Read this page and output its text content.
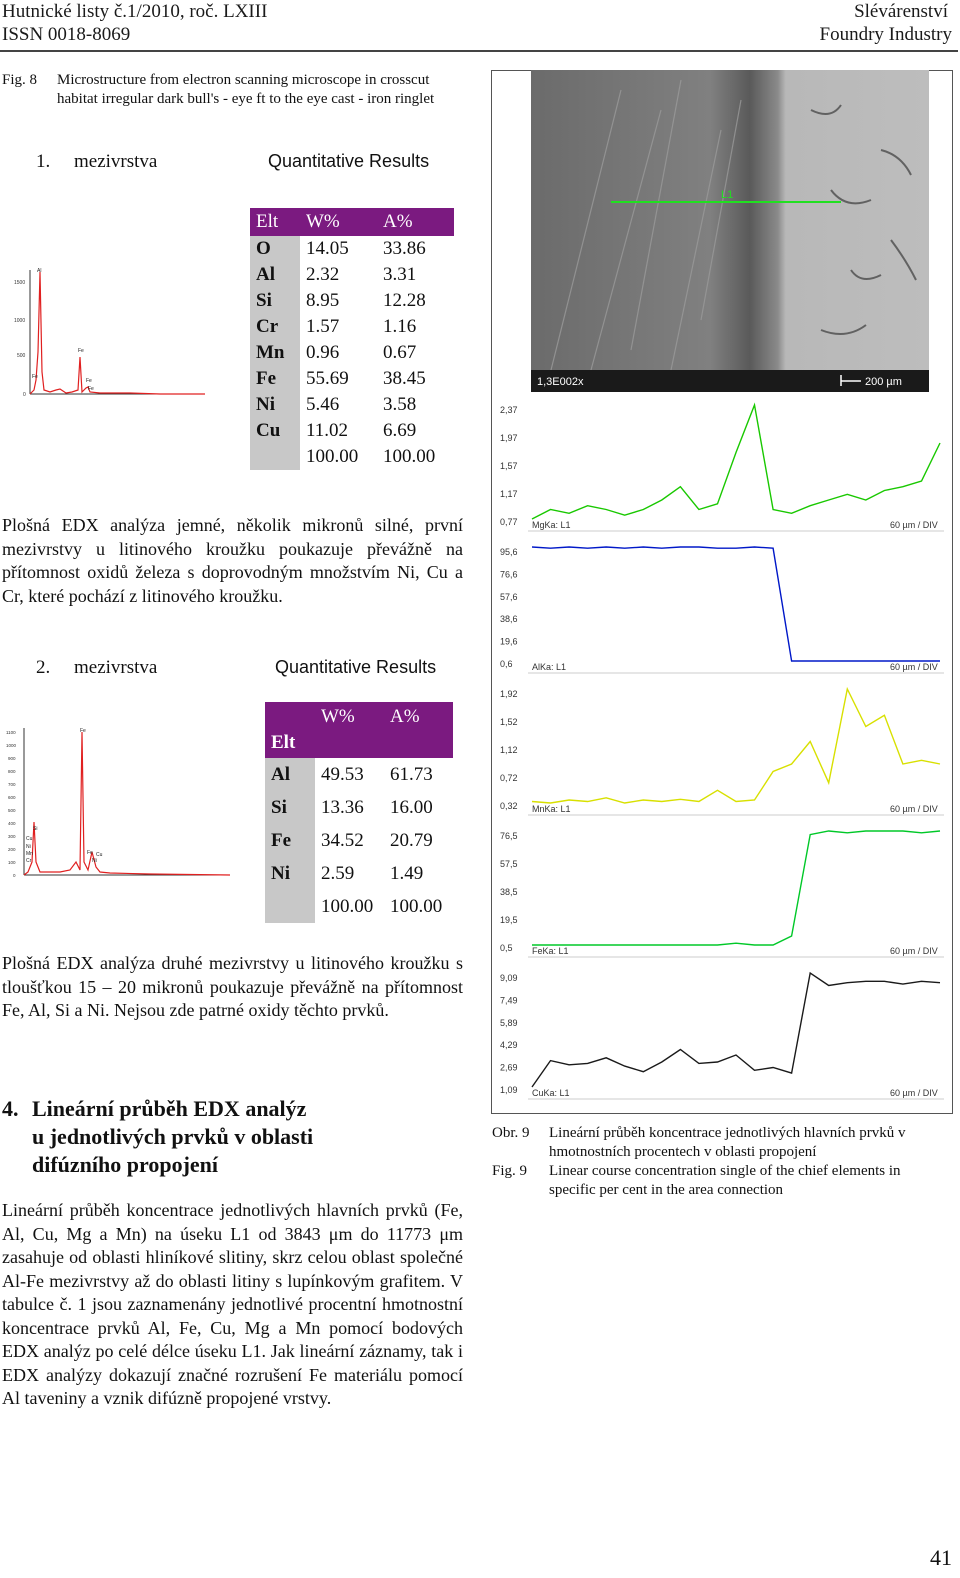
Hutnické listy č.1/2010, roč. LXIII
ISSN 0018-8069
Slévárenství
Foundry Industry
Fig. 8 Microstructure from electron scanning microscope in crosscut habitat irregular dark bull's - eye ft to the eye cast - iron ringlet
1. mezivrstva	Quantitative Results
1500
1000
500
0
Al
Fe
Fe
Fe
Fe
Elt	W%	A%
O	14.05	33.86
Al	2.32	3.31
Si	8.95	12.28
Cr	1.57	1.16
Mn	0.96	0.67
Fe	55.69	38.45
Ni	5.46	3.58
Cu	11.02	6.69
	100.00	100.00
Plošná EDX analýza jemné, několik mikronů silné, první mezivrstvy u litinového kroužku poukazuje převážně na přítomnost oxidů železa s doprovodným množstvím Ni, Cu a Cr, které pochází z litinového kroužku.
2. mezivrstva	Quantitative Results
1100
1000
900
800
700
600
500
400
300
200
100
0
Fe
Si
Cu
Ni
Mn
Cr
Fe
Ni
Cu
Elt	W%	A%
Al	49.53	61.73
Si	13.36	16.00
Fe	34.52	20.79
Ni	2.59	1.49
	100.00	100.00
Plošná EDX analýza druhé mezivrstvy u litinového kroužku s tloušťkou 15 – 20 mikronů poukazuje převážně na přítomnost Fe, Al, Si a Ni. Nejsou zde patrné oxidy těchto prvků.
4. Lineární průběh EDX analýz
u jednotlivých prvků v oblasti
difúzního propojení
Lineární průběh koncentrace jednotlivých hlavních prvků (Fe, Al, Cu, Mg a Mn) na úseku L1 od 3843 μm do 11773 μm zasahuje od oblasti hliníkové slitiny, skrz celou oblast společné Al-Fe mezivrstvy až do oblasti litiny s lupínkovým grafitem. V tabulce č. 1 jsou zaznamenány jednotlivé procentní hmotnostní koncentrace prvků Al, Fe, Cu, Mg a Mn pomocí bodových EDX analýz po celé délce úseku L1. Jak lineární záznamy, tak i EDX analýzy dokazují značné rozrušení Fe materiálu pomocí Al taveniny a vznik difúzně propojené vrstvy.
L1
1,3E002x	200 µm
2,37
1,97
1,57
1,17
0,77 MgKa: L1	60 µm / DIV
95,6
76,6
57,6
38,6
19,6
0,6 AlKa: L1	60 µm / DIV
1,92
1,52
1,12
0,72
0,32 MnKa: L1	60 µm / DIV
76,5
57,5
38,5
19,5
0,5 FeKa: L1	60 µm / DIV
9,09
7,49
5,89
4,29
2,69
1,09 CuKa: L1	60 µm / DIV
Obr. 9 Lineární průběh koncentrace jednotlivých hlavních prvků v hmotnostních procentech v oblasti propojení
Fig. 9 Linear course concentration single of the chief elements in specific per cent in the area connection
41
